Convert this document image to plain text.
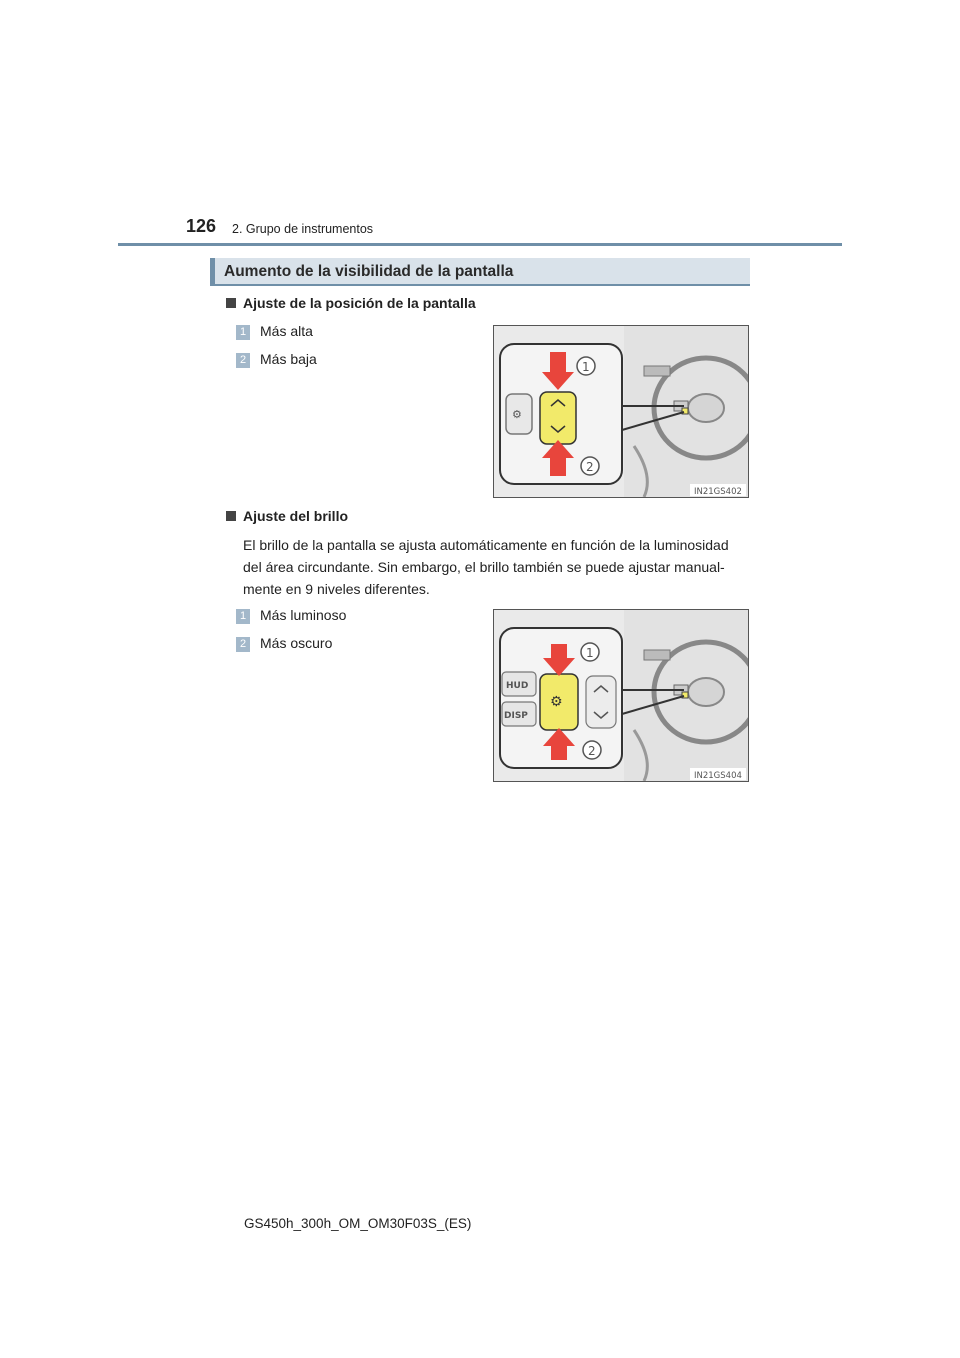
126 2. Grupo de instrumentos
Aumento de la visibilidad de la pantalla
Ajuste de la posición de la pantalla
1 Más alta
2 Más baja
⚙
1
2
IN21GS402
Ajuste del brillo
El brillo de la pantalla se ajusta automáticamente en función de la luminosidad del área circundante. Sin embargo, el brillo también se puede ajustar manual-mente en 9 niveles diferentes.
1 Más luminoso
2 Más oscuro
HUD
DISP
⚙
1
2
IN21GS404
GS450h_300h_OM_OM30F03S_(ES)
